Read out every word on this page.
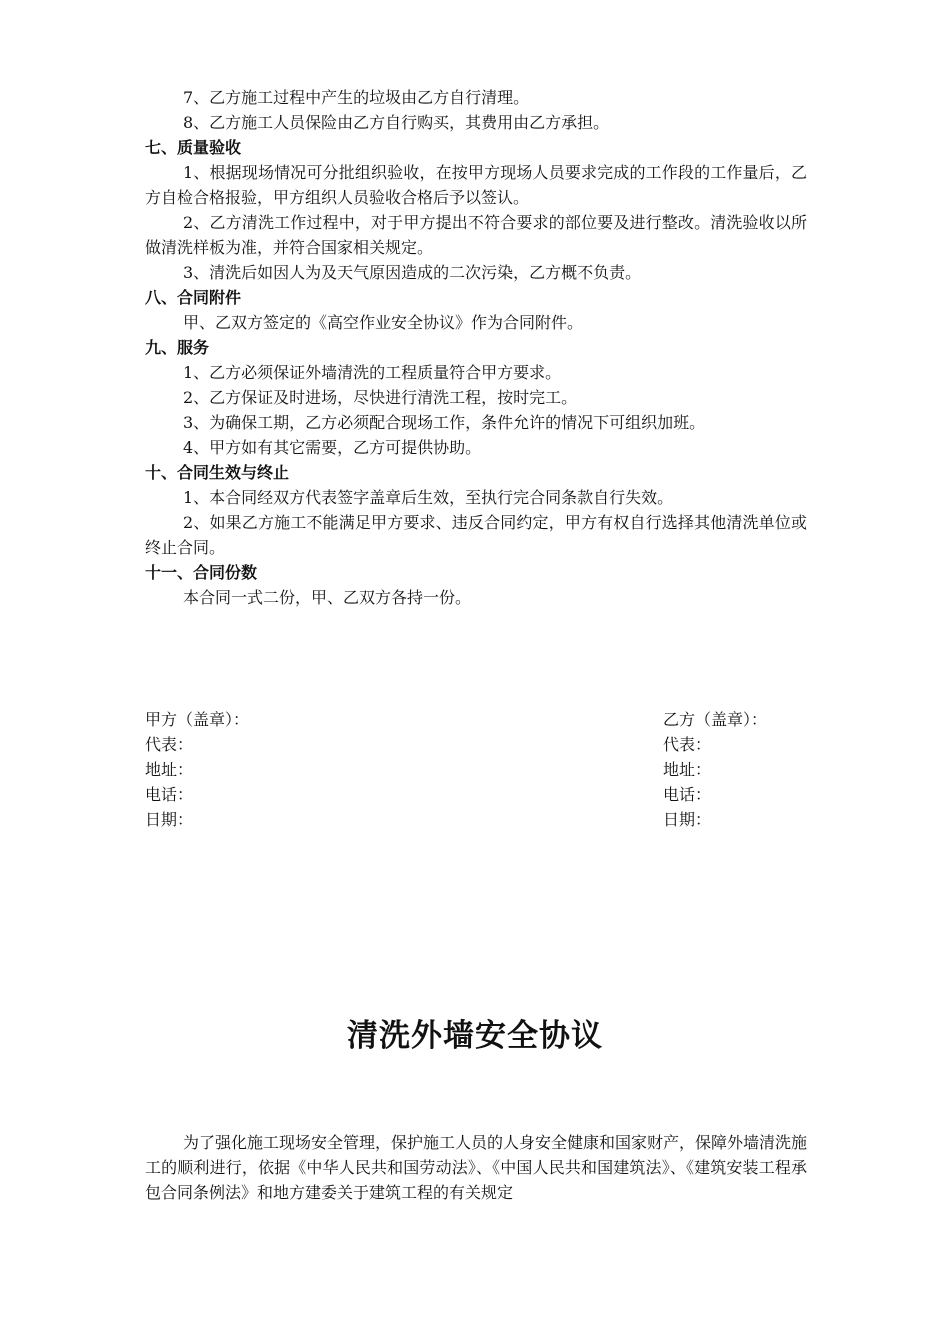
7、乙方施工过程中产生的垃圾由乙方自行清理。

8、乙方施工人员保险由乙方自行购买，其费用由乙方承担。

七、质量验收

1、根据现场情况可分批组织验收，在按甲方现场人员要求完成的工作段的工作量后，乙方自检合格报验，甲方组织人员验收合格后予以签认。

2、乙方清洗工作过程中，对于甲方提出不符合要求的部位要及进行整改。清洗验收以所做清洗样板为准，并符合国家相关规定。

3、清洗后如因人为及天气原因造成的二次污染，乙方概不负责。

八、合同附件

甲、乙双方签定的《高空作业安全协议》作为合同附件。

九、服务

1、乙方必须保证外墙清洗的工程质量符合甲方要求。

2、乙方保证及时进场，尽快进行清洗工程，按时完工。

3、为确保工期，乙方必须配合现场工作，条件允许的情况下可组织加班。

4、甲方如有其它需要，乙方可提供协助。

十、合同生效与终止

1、本合同经双方代表签字盖章后生效，至执行完合同条款自行失效。

2、如果乙方施工不能满足甲方要求、违反合同约定，甲方有权自行选择其他清洗单位或终止合同。

十一、合同份数

本合同一式二份，甲、乙双方各持一份。

甲方（盖章）：
代表：
地址：
电话：
日期：
乙方（盖章）：
代表：
地址：
电话：
日期：
清洗外墙安全协议

为了强化施工现场安全管理，保护施工人员的人身安全健康和国家财产，保障外墙清洗施工的顺利进行，依据《中华人民共和国劳动法》、《中国人民共和国建筑法》、《建筑安装工程承包合同条例法》和地方建委关于建筑工程的有关规定
